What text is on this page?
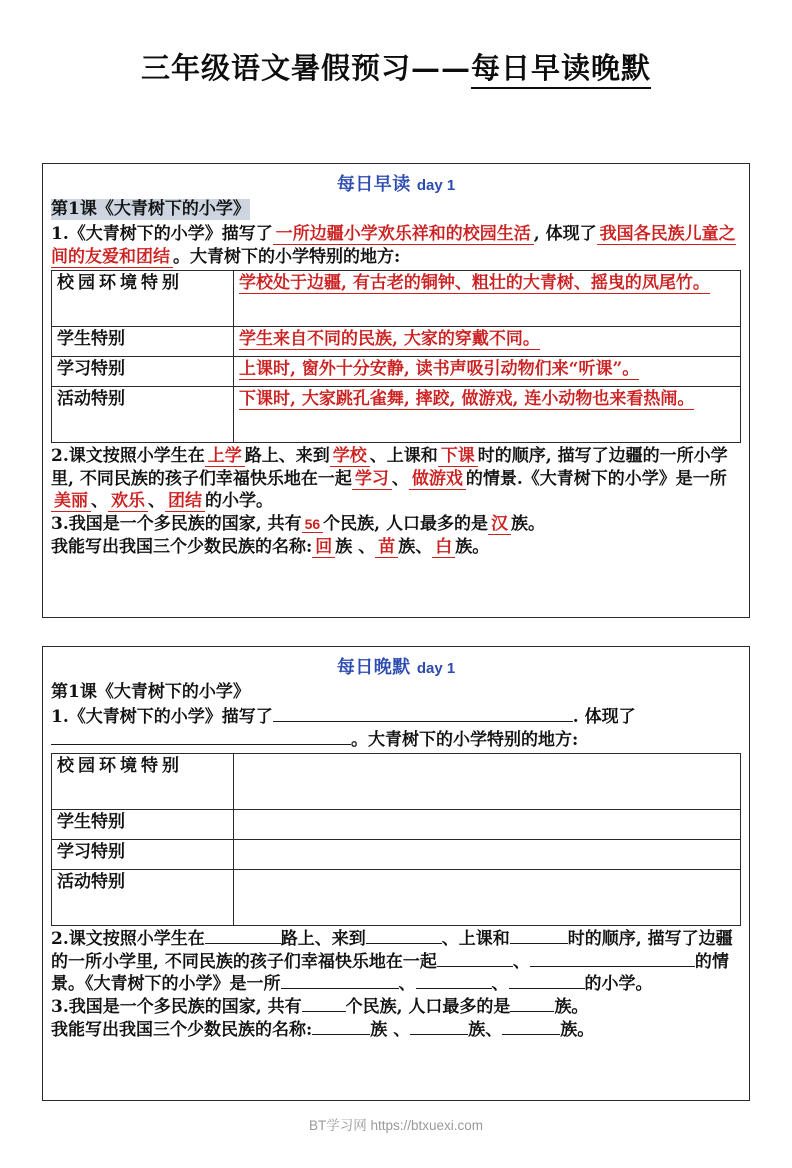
三年级语文暑假预习——每日早读晚默
每日早读 day 1
第1课《大青树下的小学》

1.《大青树下的小学》描写了 一所边疆小学欢乐祥和的校园生活 , 体现了 我国各民族儿童之间的友爱和团结 。大青树下的小学特别的地方:

校园环境特别	学校处于边疆, 有古老的铜钟、粗壮的大青树、摇曳的凤尾竹。
学生特别	学生来自不同的民族, 大家的穿戴不同。
学习特别	上课时, 窗外十分安静, 读书声吸引动物们来“听课”。
活动特别	下课时, 大家跳孔雀舞, 摔跤, 做游戏, 连小动物也来看热闹。

2.课文按照小学生在 上学 路上、来到 学校 、上课和 下课 时的顺序, 描写了边疆的一所小学里, 不同民族的孩子们幸福快乐地在一起 学习 、 做游戏 的情景.《大青树下的小学》是一所美丽 、 欢乐 、 团结 的小学。

3.我国是一个多民族的国家, 共有 56 个民族, 人口最多的是 汉 族。

我能写出我国三个少数民族的名称: 回 族 、 苗 族、 白 族。

每日晚默 day 1
第1课《大青树下的小学》

1.《大青树下的小学》描写了	. 体现了。大青树下的小学特别的地方:

校园环境特别	
学生特别	
学习特别	
活动特别	

2.课文按照小学生在	路上、来到	、上课和	时的顺序, 描写了边疆的一所小学里, 不同民族的孩子们幸福快乐地在一起	、	的情景。《大青树下的小学》是一所	、	、	的小学。

3.我国是一个多民族的国家, 共有	个民族, 人口最多的是	族。

我能写出我国三个少数民族的名称:	族 、	族、	族。

BT学习网 https://btxuexi.com
